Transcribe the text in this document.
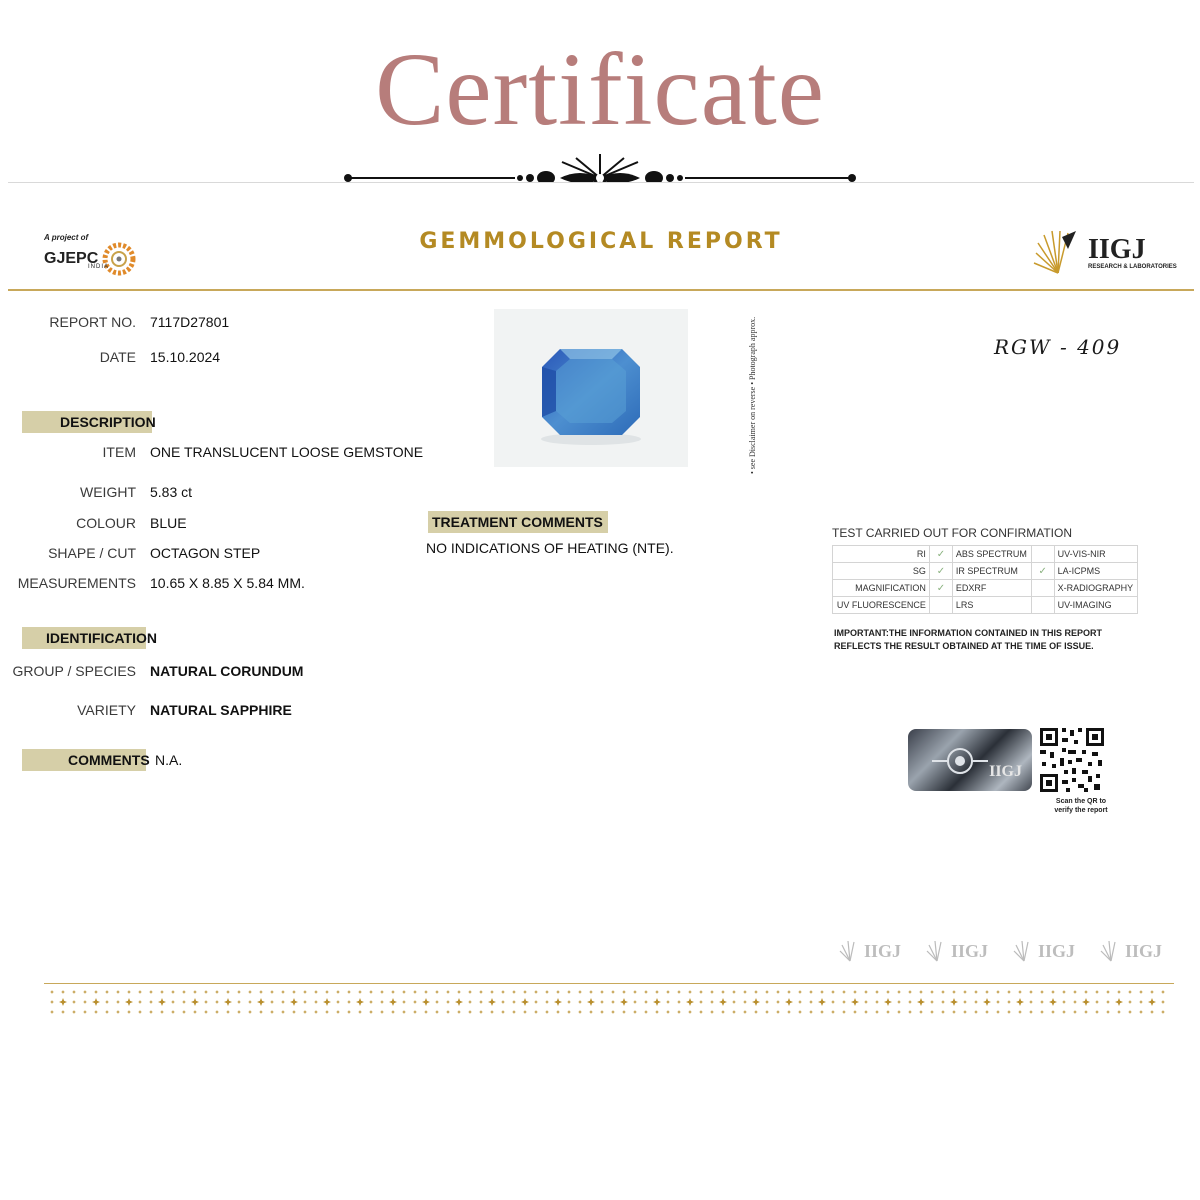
Certificate
A project of
GJEPC
INDIA
GEMMOLOGICAL REPORT	IIGJ
RESEARCH & LABORATORIES
REPORT NO. 7117D27801
DATE 15.10.2024
DESCRIPTION
ITEM ONE TRANSLUCENT LOOSE GEMSTONE
WEIGHT 5.83 ct
COLOUR BLUE
SHAPE / CUT OCTAGON STEP
MEASUREMENTS 10.65 X 8.85 X 5.84 MM.
IDENTIFICATION
GROUP / SPECIES NATURAL CORUNDUM
VARIETY NATURAL SAPPHIRE
COMMENTS N.A.
• see Disclaimer on reverse • Photograph approx.	RGW - 409
TREATMENT COMMENTS
NO INDICATIONS OF HEATING (NTE).
TEST CARRIED OUT FOR CONFIRMATION
RI	✓	ABS SPECTRUM		UV-VIS-NIR
SG	✓	IR SPECTRUM	✓	LA-ICPMS
MAGNIFICATION	✓	EDXRF		X-RADIOGRAPHY
UV FLUORESCENCE		LRS		UV-IMAGING
IMPORTANT:THE INFORMATION CONTAINED IN THIS REPORT REFLECTS THE RESULT OBTAINED AT THE TIME OF ISSUE.
IIGJ
Scan the QR to
verify the report
IIGJ	IIGJ	IIGJ	IIGJ
